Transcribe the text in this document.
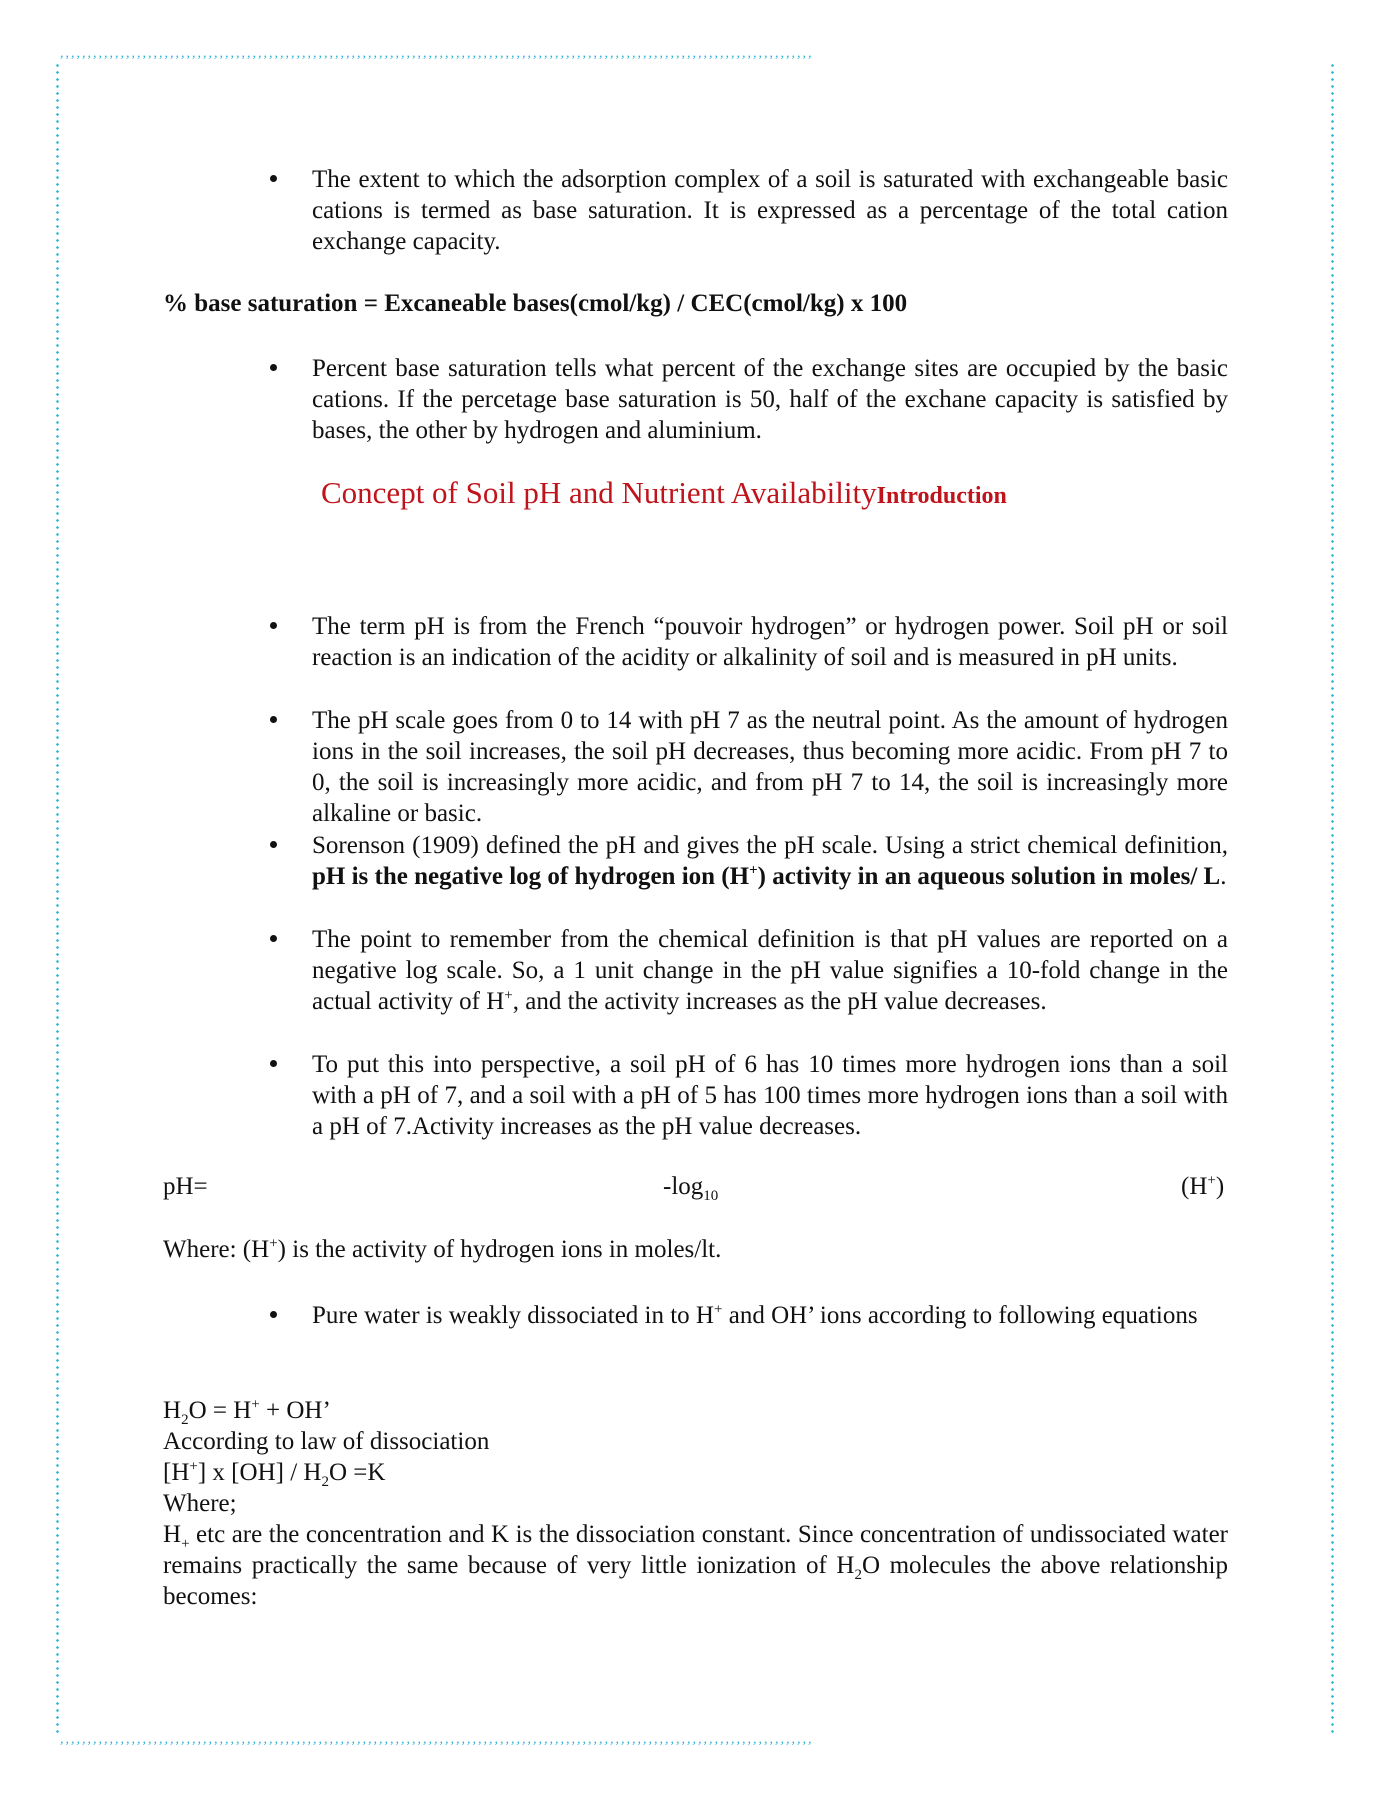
,,,,,,,,,,,,,,,,,,,,,,,,,,,,,,,,,,,,,,,,,,,,,,,,,,,,,,,,,,,,,,,,,,,,,,,,,,,,,,,,,,,,,,,,,,,,,,,,,,,,,,,,,,,,,,,,,,,,,,,,,,,,,,,,,,,,,,,,,
,,,,,,,,,,,,,,,,,,,,,,,,,,,,,,,,,,,,,,,,,,,,,,,,,,,,,,,,,,,,,,,,,,,,,,,,,,,,,,,,,,,,,,,,,,,,,,,,,,,,,,,,,,,,,,,,,,,,,,,,,,,,,,,,,,,,,,,,,

The extent to which the adsorption complex of a soil is saturated with exchangeable basic cations is termed as base saturation. It is expressed as a percentage of the total cation exchange capacity.

% base saturation = Excaneable bases(cmol/kg) / CEC(cmol/kg) x 100

Percent base saturation tells what percent of the exchange sites are occupied by the basic cations. If the percetage base saturation is 50, half of the exchane capacity is satisfied by bases, the other by hydrogen and aluminium.

Concept of Soil pH and Nutrient AvailabilityIntroduction

The term pH is from the French “pouvoir hydrogen” or hydrogen power. Soil pH or soil reaction is an indication of the acidity or alkalinity of soil and is measured in pH units.

The pH scale goes from 0 to 14 with pH 7 as the neutral point. As the amount of hydrogen ions in the soil increases, the soil pH decreases, thus becoming more acidic. From pH 7 to 0, the soil is increasingly more acidic, and from pH 7 to 14, the soil is increasingly more alkaline or basic.

Sorenson (1909) defined the pH and gives the pH scale. Using a strict chemical definition, pH is the negative log of hydrogen ion (H+) activity in an aqueous solution in moles/ L.

The point to remember from the chemical definition is that pH values are reported on a negative log scale. So, a 1 unit change in the pH value signifies a 10-fold change in the actual activity of H+, and the activity increases as the pH value decreases.

To put this into perspective, a soil pH of 6 has 10 times more hydrogen ions than a soil with a pH of 7, and a soil with a pH of 5 has 100 times more hydrogen ions than a soil with a pH of 7.Activity increases as the pH value decreases.

pH=	$-\log_{10}$	(H+)
Where: (H+) is the activity of hydrogen ions in moles/lt.

Pure water is weakly dissociated in to H+ and OH’ ions according to following equations

$H_2O = H^+$ + OH’
According to law of dissociation
[H+] x $[OH] / H_2O =K$
Where;

$H_+$ etc are the concentration and K is the dissociation constant. Since concentration of undissociated water remains practically the same because of very little ionization of $H_2O$ molecules the above relationship becomes:
